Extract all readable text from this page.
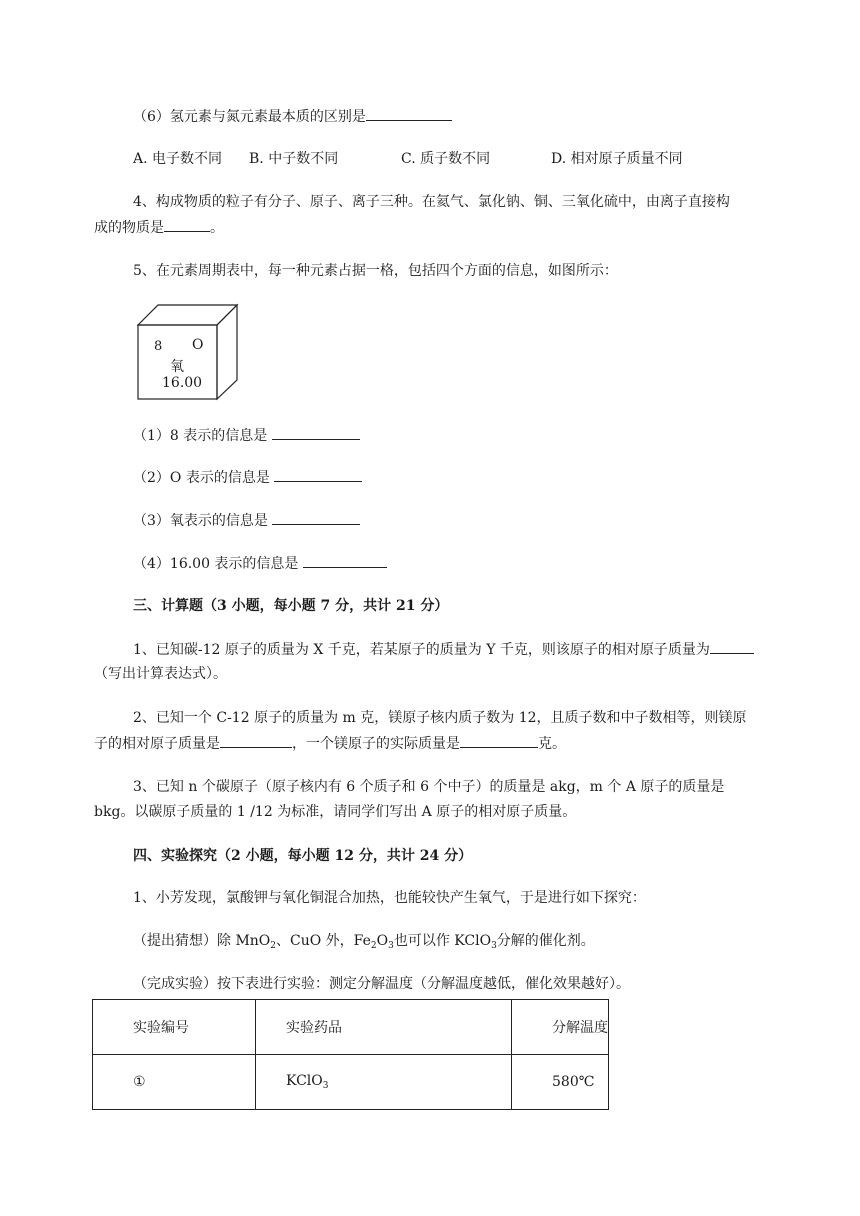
（6）氢元素与氮元素最本质的区别是
A. 电子数不同 B. 中子数不同	C. 质子数不同	D. 相对原子质量不同
4、构成物质的粒子有分子、原子、离子三种。在氦气、氯化钠、铜、三氧化硫中，由离子直接构
成的物质是	。
5、在元素周期表中，每一种元素占据一格，包括四个方面的信息，如图所示：
8 O
氧
16.00
（1）8 表示的信息是
（2）O 表示的信息是
（3）氧表示的信息是
（4）16.00 表示的信息是
三、计算题（3 小题，每小题 7 分，共计 21 分）
1、已知碳-12 原子的质量为 X 千克，若某原子的质量为 Y 千克，则该原子的相对原子质量为
（写出计算表达式）。
2、已知一个 C-12 原子的质量为 m 克，镁原子核内质子数为 12，且质子数和中子数相等，则镁原
子的相对原子质量是	，一个镁原子的实际质量是	克。
3、已知 n 个碳原子（原子核内有 6 个质子和 6 个中子）的质量是 akg，m 个 A 原子的质量是
bkg。以碳原子质量的 1 /12 为标准，请同学们写出 A 原子的相对原子质量。
四、实验探究（2 小题，每小题 12 分，共计 24 分）
1、小芳发现，氯酸钾与氧化铜混合加热，也能较快产生氧气，于是进行如下探究：
（提出猜想）除 MnO$_2$、CuO 外，$Fe_2O_3$也可以作 KClO$_3$分解的催化剂。
（完成实验）按下表进行实验：测定分解温度（分解温度越低，催化效果越好）。
实验编号	实验药品	分解温度
①	KClO$_3$	580℃
